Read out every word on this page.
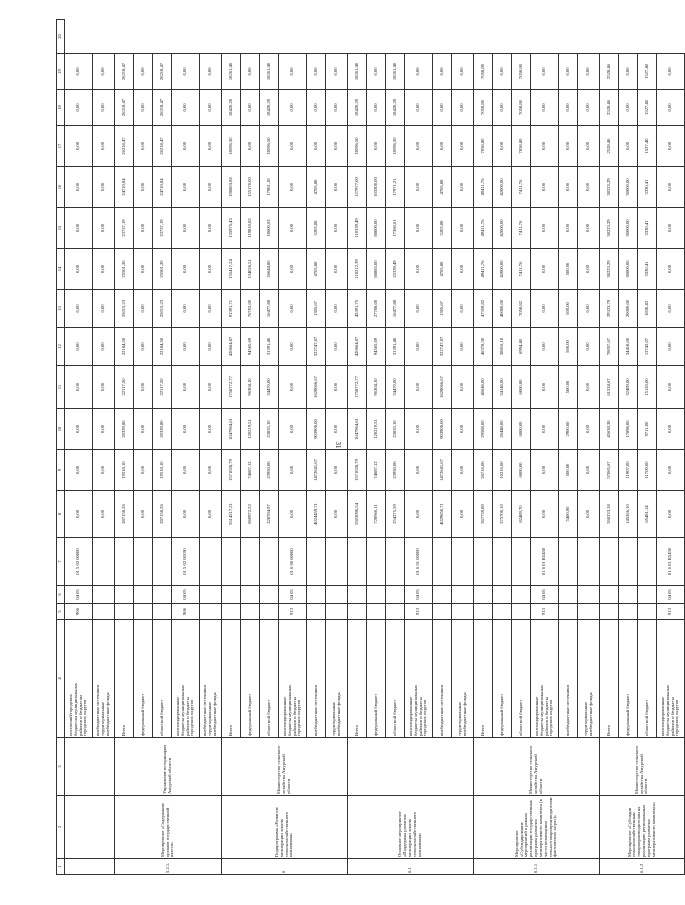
31
1	2	3	4	5	6	7	8	9	10	11	12	13	14	15	16	17	18	19	20

			поселений/городских бюджетам муниципальных районов и бюджетам городских округов	906	04 05	01 5 02 00000	0,00	0,00	0,00	0,00	0,00	0,00	0,00	0,00	0,00	0,00	0,00	0,00	

			внебюджетные источники территориальные внебюджетные фонды				0,00	0,00	0,00	0,00	0,00	0,00	0,00	0,00	0,00	0,00	0,00	0,00	
5.2.1.	Мероприятие «Содержание органов государственной власти»	Управление ветеринарии Амурской области	Всего				287158,26	19518,10	20339,80	22117,50	22184,50	25015,23	25501,20	23737,19	24710,84	26218,47	26218,47	26218,47	

			федеральный бюджет				0,00	0,00	0,00	0,00	0,00	0,00	0,00	0,00	0,00	0,00	0,00	0,00	

			областной бюджет				287158,26	19518,10	20339,80	22117,50	22184,50	25015,23	25501,20	23737,19	24710,84	26218,47	26218,47	26218,47	

			консолидированные бюджеты муниципальных районов и бюджеты городских округов	906	04 05	01 5 02 00190	0,00	0,00	0,00	0,00	0,00	0,00	0,00	0,00	0,00	0,00	0,00	0,00	

			внебюджетные источники территориальные внебюджетные фонды				0,00	0,00	0,00	0,00	0,00	0,00	0,00	0,00	0,00	0,00	0,00	0,00	
6	Подпрограмма «Развитие мелиорации земель сельскохозяйственного назначения»	Министерство сельского хозяйства Амурской области	Всего				5514217,21	1571028,79	1047964,61	1758772,77	420664,87	91391,71	155417,24	135975,43	190803,86	18596,50	18420,20	18261,40	

			федеральный бюджет				860972,53	74687,12	120219,51	96304,10	94565,69	76702,00	134026,51	119810,82	155170,00	0,00	0,00	0,00	

			областной бюджет				228784,97	23950,00	23835,10	34470,00	31391,40	16477,88	26644,86	18600,63	17981,18	18596,50	18420,20	18261,40	

			консолидированные бюджеты муниципальных районов и бюджеты городских округов	913	04 05	01 6 00 00000	0,00	0,00	0,00	0,00	0,00	0,00	0,00	0,00	0,00	0,00	0,00	0,00	

			внебюджетные источники				4024459,71	1472641,67	903900,00	1628066,67	322747,87	1305,67	4705,88	5203,88	4705,88	0,00	0,00	0,00	

			территориальные внебюджетные фонды				0,00	0,00	0,00	0,00	0,00	0,00	0,00	0,00	0,00	0,00	0,00	0,00	
6.1	Основное мероприятие «Поддержка развития мелиорации земель сельскохозяйственного назначения»		Всего				5503090,54	1571028,79	1047964,61	1758772,77	420664,87	45391,75	118212,39	110339,49	127977,00	18596,50	18420,20	18261,40	

			федеральный бюджет				728966,11	74687,12	120219,51	96304,10	94565,69	27708,00	88883,00	88000,00	103300,00	0,00	0,00	0,00	

			областной бюджет				254275,59	23950,00	23835,10	34470,00	31391,40	16477,88	25339,49	17360,61	17971,21	18596,50	18420,20	18261,40	

			консолидированные бюджеты муниципальных районов и бюджеты городских округов	913	04 05	01 6 01 00000	0,00	0,00	0,00	0,00	0,00	0,00	0,00	0,00	0,00	0,00	0,00	0,00	

			внебюджетные источники				4029850,71	1472641,67	903900,00	1628066,67	322747,87	1305,67	4705,88	5203,88	4705,88	0,00	0,00	0,00	

			территориальные внебюджетные фонды				0,00	0,00	0,00	0,00	0,00	0,00	0,00	0,00	0,00	0,00	0,00	0,00	
6.1.1	Мероприятие «Субсидирование мероприятий в рамках реализации государственных программ развития мелиоративного комплекса (в части возмещения сельхозтоваропроизводителям фактических затрат)»	Министерство сельского хозяйства Амурской области	Всего				367739,80	26716,00	29588,00	40646,00	46378,30	47359,82	49411,76	49411,76	49411,76	7058,80	7058,80	7058,80	

			федеральный бюджет				275700,10	10216,00	20448,00	34146,00	38816,10	40000,00	42000,00	42000,00	42000,00	0,00	0,00	0,00	

			областной бюджет				82489,70	6000,00	6000,00	6000,00	6994,40	7058,82	7411,76	7411,76	7411,76	7058,80	7058,80	7058,80	

			консолидированные бюджеты муниципальных районов и бюджеты городских округов	913	04 05	01 6 01 R5450	0,00	0,00	0,00	0,00	0,00	0,00	0,00	0,00	0,00	0,00	0,00	0,00	

			внебюджетные источники				5400,00	500,00	2900,00	500,00	500,00	500,00	500,00	0,00	0,00	0,00	0,00	0,00	

			территориальные внебюджетные фонды				0,00	0,00	0,00	0,00	0,00	0,00	0,00	0,00	0,00	0,00	0,00	0,00	
6.1.2	Мероприятие «Субсидии сельскохозяйственным товаропроизводителям на реализацию региональных программ развития мелиоративного комплекса»	Министерство сельского хозяйства Амурской области	Всего				260233,18	57065,67	45638,38	61534,67	78057,67	29323,79	38223,29	38223,29	38223,29	2528,46	2528,46	2528,46	

			федеральный бюджет				145266,10	11907,00	17898,00	32489,00	34418,00	20000,00	30000,00	30000,00	30000,00	0,00	0,00	0,00	

			областной бюджет				65481,14	11700,00	9711,00	15120,00	13742,07	1830,43	3330,41	3330,41	3330,41	1527,40	1527,40	1527,40	

			консолидированные бюджеты муниципальных районов и бюджеты городских округов	913	04 05	01 6 01 R5430	0,00	0,00	0,00	0,00	0,00	0,00	0,00	0,00	0,00	0,00	0,00	0,00	
